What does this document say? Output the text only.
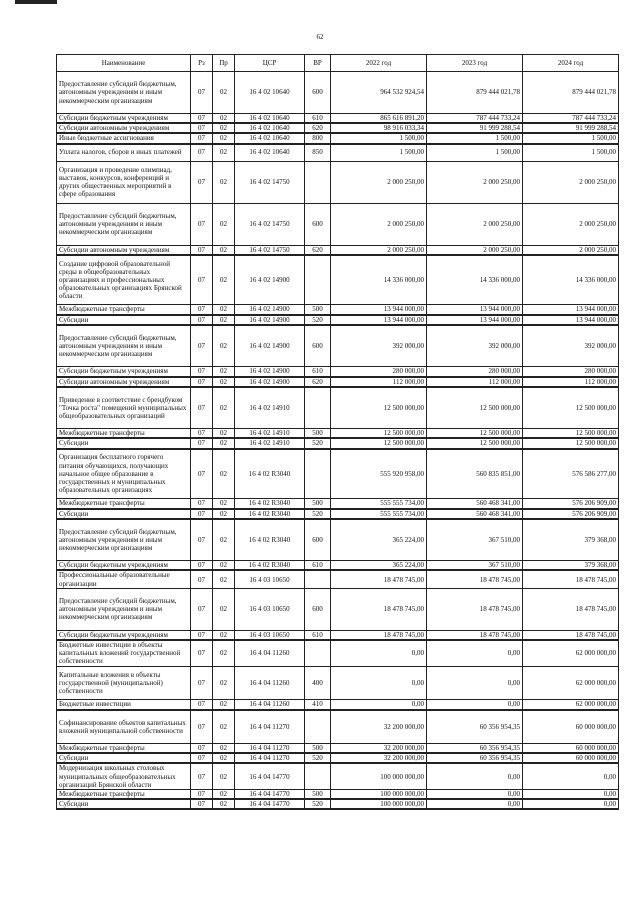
62
Наименование	Рз	Пр	ЦСР	ВР	2022 год	2023 год	2024 год
Предоставление субсидий бюджетным, автономным учреждениям и иным некоммерческим организациям	07	02	16 4 02 10640	600	964 532 924,54	879 444 021,78	879 444 021,78
Субсидии бюджетным учреждениям	07	02	16 4 02 10640	610	865 616 891,20	787 444 733,24	787 444 733,24
Субсидии автономным учреждениям	07	02	16 4 02 10640	620	98 916 033,34	91 999 288,54	91 999 288,54
Иные бюджетные ассигнования	07	02	16 4 02 10640	800	1 500,00	1 500,00	1 500,00
Уплата налогов, сборов и иных платежей	07	02	16 4 02 10640	850	1 500,00	1 500,00	1 500,00
Организация и проведение олимпиад, выставок, конкурсов, конференций и других общественных мероприятий в сфере образования	07	02	16 4 02 14750		2 000 250,00	2 000 250,00	2 000 250,00
Предоставление субсидий бюджетным, автономным учреждениям и иным некоммерческим организациям	07	02	16 4 02 14750	600	2 000 250,00	2 000 250,00	2 000 250,00
Субсидии автономным учреждениям	07	02	16 4 02 14750	620	2 000 250,00	2 000 250,00	2 000 250,00
Создание цифровой образовательной среды в общеобразовательных организациях и профессиональных образовательных организациях Брянской области	07	02	16 4 02 14900		14 336 000,00	14 336 000,00	14 336 000,00
Межбюджетные трансферты	07	02	16 4 02 14900	500	13 944 000,00	13 944 000,00	13 944 000,00
Субсидии	07	02	16 4 02 14900	520	13 944 000,00	13 944 000,00	13 944 000,00
Предоставление субсидий бюджетным, автономным учреждениям и иным некоммерческим организациям	07	02	16 4 02 14900	600	392 000,00	392 000,00	392 000,00
Субсидии бюджетным учреждениям	07	02	16 4 02 14900	610	280 000,00	280 000,00	280 000,00
Субсидии автономным учреждениям	07	02	16 4 02 14900	620	112 000,00	112 000,00	112 000,00
Приведение в соответствие с брендбуком "Точка роста" помещений муниципальных общеобразовательных организаций	07	02	16 4 02 14910		12 500 000,00	12 500 000,00	12 500 000,00
Межбюджетные трансферты	07	02	16 4 02 14910	500	12 500 000,00	12 500 000,00	12 500 000,00
Субсидии	07	02	16 4 02 14910	520	12 500 000,00	12 500 000,00	12 500 000,00
Организация бесплатного горячего питания обучающихся, получающих начальное общее образование в государственных и муниципальных образовательных организациях	07	02	16 4 02 R3040		555 920 958,00	560 835 851,00	576 586 277,00
Межбюджетные трансферты	07	02	16 4 02 R3040	500	555 555 734,00	560 468 341,00	576 206 909,00
Субсидии	07	02	16 4 02 R3040	520	555 555 734,00	560 468 341,00	576 206 909,00
Предоставление субсидий бюджетным, автономным учреждениям и иным некоммерческим организациям	07	02	16 4 02 R3040	600	365 224,00	367 510,00	379 368,00
Субсидии бюджетным учреждениям	07	02	16 4 02 R3040	610	365 224,00	367 510,00	379 368,00
Профессиональные образовательные организации	07	02	16 4 03 10650		18 478 745,00	18 478 745,00	18 478 745,00
Предоставление субсидий бюджетным, автономным учреждениям и иным некоммерческим организациям	07	02	16 4 03 10650	600	18 478 745,00	18 478 745,00	18 478 745,00
Субсидии бюджетным учреждениям	07	02	16 4 03 10650	610	18 478 745,00	18 478 745,00	18 478 745,00
Бюджетные инвестиции в объекты капитальных вложений государственной собственности	07	02	16 4 04 11260		0,00	0,00	62 000 000,00
Капитальные вложения в объекты государственной (муниципальной) собственности	07	02	16 4 04 11260	400	0,00	0,00	62 000 000,00
Бюджетные инвестиции	07	02	16 4 04 11260	410	0,00	0,00	62 000 000,00
Софинансирование объектов капитальных вложений муниципальной собственности	07	02	16 4 04 11270		32 200 000,00	60 356 954,35	60 000 000,00
Межбюджетные трансферты	07	02	16 4 04 11270	500	32 200 000,00	60 356 954,35	60 000 000,00
Субсидии	07	02	16 4 04 11270	520	32 200 000,00	60 356 954,35	60 000 000,00
Модернизация школьных столовых муниципальных общеобразовательных организаций Брянской области	07	02	16 4 04 14770		100 000 000,00	0,00	0,00
Межбюджетные трансферты	07	02	16 4 04 14770	500	100 000 000,00	0,00	0,00
Субсидии	07	02	16 4 04 14770	520	100 000 000,00	0,00	0,00
